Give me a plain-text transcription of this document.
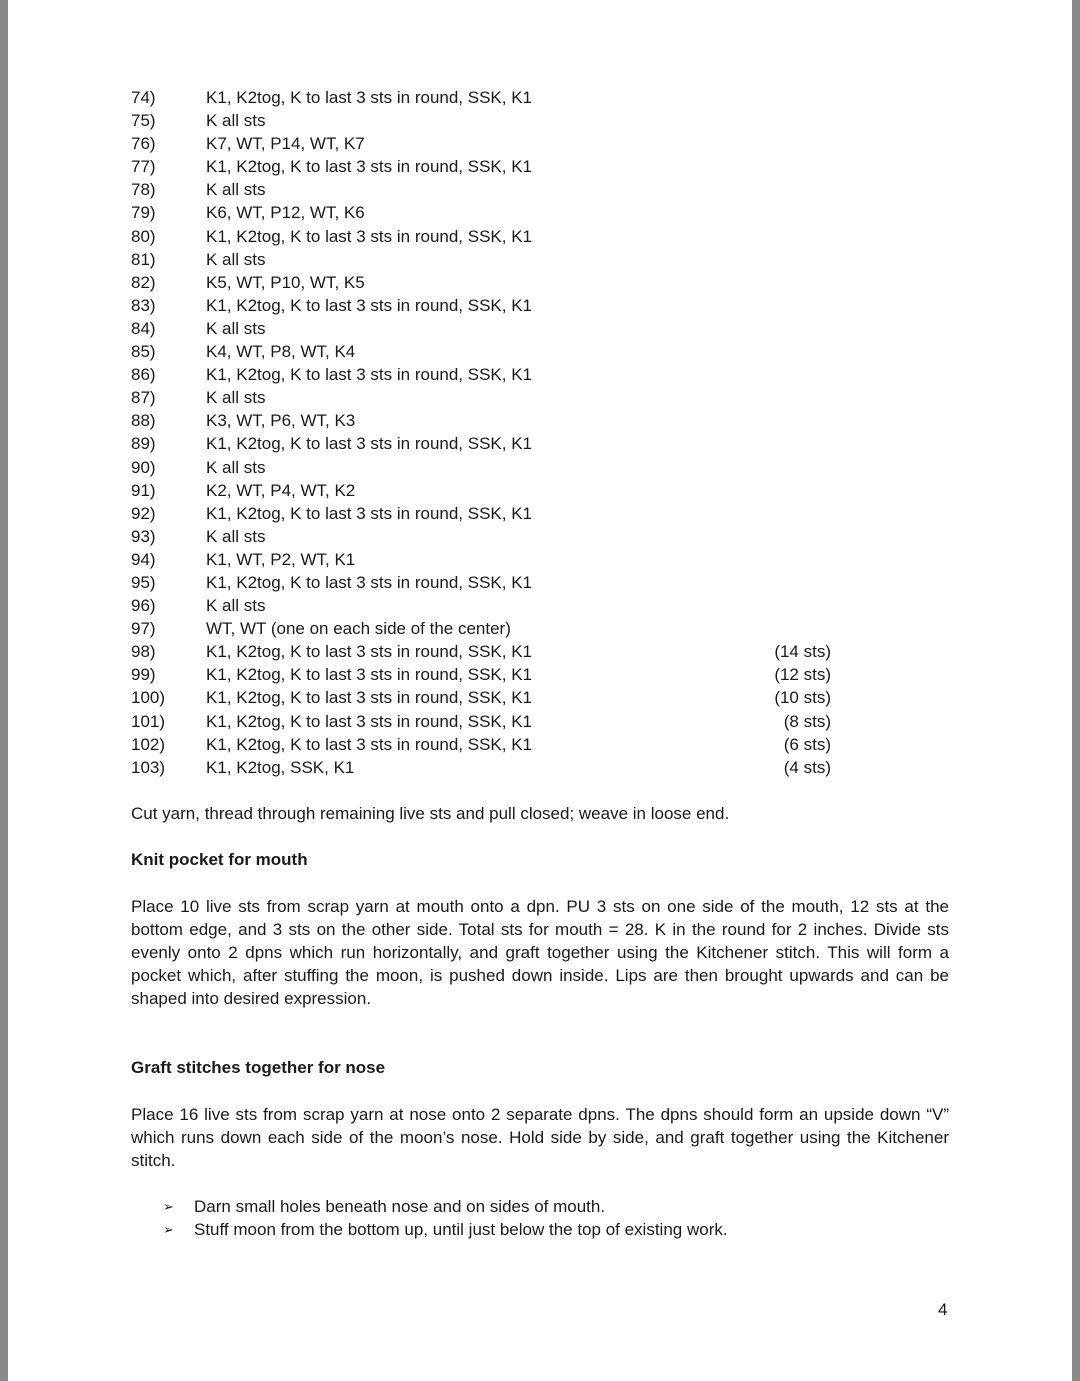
74)	K1, K2tog, K to last 3 sts in round, SSK, K1
75)	K all sts
76)	K7, WT, P14, WT, K7
77)	K1, K2tog, K to last 3 sts in round, SSK, K1
78)	K all sts
79)	K6, WT, P12, WT, K6
80)	K1, K2tog, K to last 3 sts in round, SSK, K1
81)	K all sts
82)	K5, WT, P10, WT, K5
83)	K1, K2tog, K to last 3 sts in round, SSK, K1
84)	K all sts
85)	K4, WT, P8, WT, K4
86)	K1, K2tog, K to last 3 sts in round, SSK, K1
87)	K all sts
88)	K3, WT, P6, WT, K3
89)	K1, K2tog, K to last 3 sts in round, SSK, K1
90)	K all sts
91)	K2, WT, P4, WT, K2
92)	K1, K2tog, K to last 3 sts in round, SSK, K1
93)	K all sts
94)	K1, WT, P2, WT, K1
95)	K1, K2tog, K to last 3 sts in round, SSK, K1
96)	K all sts
97)	WT, WT (one on each side of the center)
98)	K1, K2tog, K to last 3 sts in round, SSK, K1	(14 sts)
99)	K1, K2tog, K to last 3 sts in round, SSK, K1	(12 sts)
100) K1, K2tog, K to last 3 sts in round, SSK, K1	(10 sts)
101) K1, K2tog, K to last 3 sts in round, SSK, K1	(8 sts)
102) K1, K2tog, K to last 3 sts in round, SSK, K1	(6 sts)
103) K1, K2tog, SSK, K1	(4 sts)
Cut yarn, thread through remaining live sts and pull closed; weave in loose end.
Knit pocket for mouth
Place 10 live sts from scrap yarn at mouth onto a dpn. PU 3 sts on one side of the mouth, 12 sts at the bottom edge, and 3 sts on the other side. Total sts for mouth = 28. K in the round for 2 inches. Divide sts evenly onto 2 dpns which run horizontally, and graft together using the Kitchener stitch. This will form a pocket which, after stuffing the moon, is pushed down inside. Lips are then brought upwards and can be shaped into desired expression.
Graft stitches together for nose
Place 16 live sts from scrap yarn at nose onto 2 separate dpns. The dpns should form an upside down “V” which runs down each side of the moon’s nose. Hold side by side, and graft together using the Kitchener stitch.
➢ Darn small holes beneath nose and on sides of mouth.
➢ Stuff moon from the bottom up, until just below the top of existing work.
4
